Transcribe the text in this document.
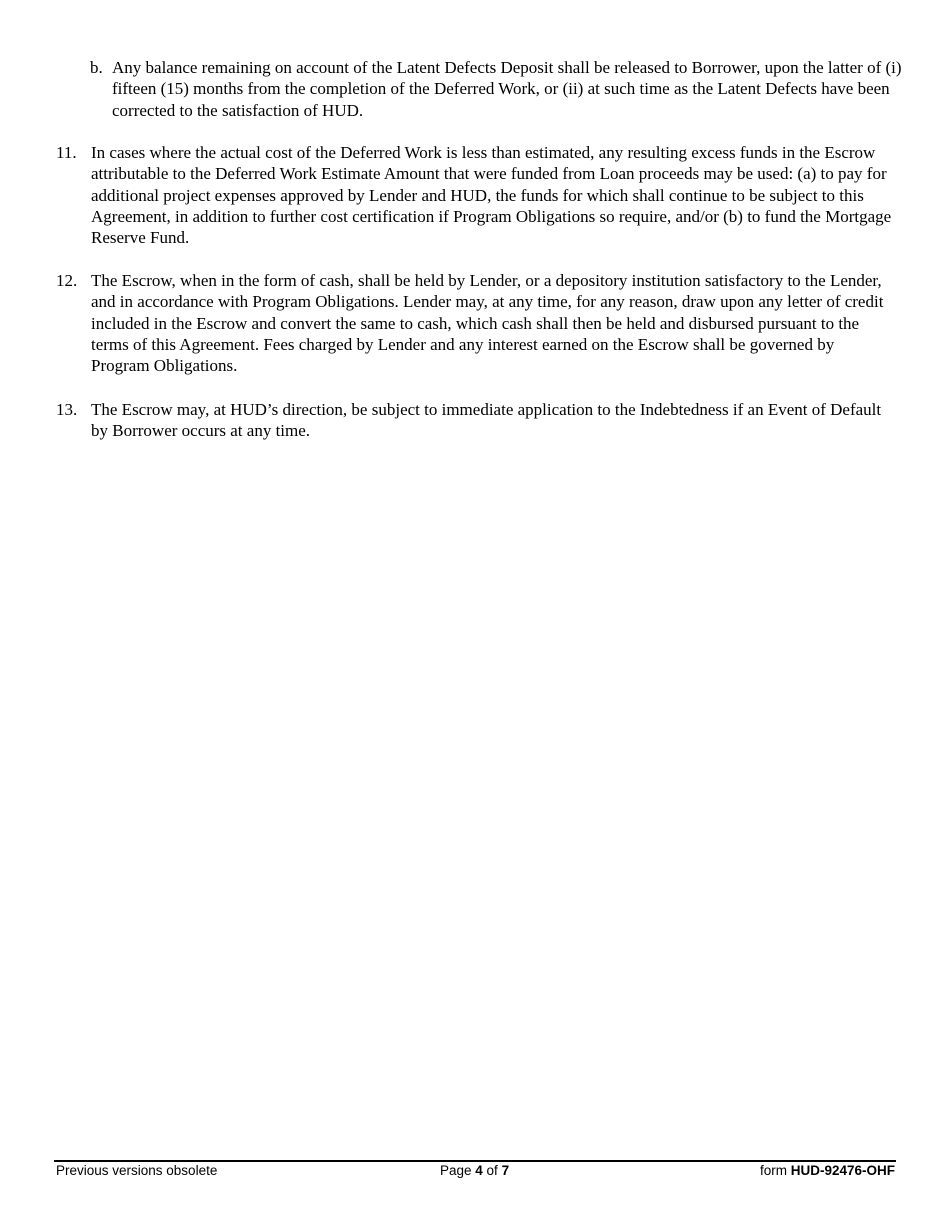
b. Any balance remaining on account of the Latent Defects Deposit shall be released to Borrower, upon the latter of (i) fifteen (15) months from the completion of the Deferred Work, or (ii) at such time as the Latent Defects have been corrected to the satisfaction of HUD.
11. In cases where the actual cost of the Deferred Work is less than estimated, any resulting excess funds in the Escrow attributable to the Deferred Work Estimate Amount that were funded from Loan proceeds may be used: (a) to pay for additional project expenses approved by Lender and HUD, the funds for which shall continue to be subject to this Agreement, in addition to further cost certification if Program Obligations so require, and/or (b) to fund the Mortgage Reserve Fund.
12. The Escrow, when in the form of cash, shall be held by Lender, or a depository institution satisfactory to the Lender, and in accordance with Program Obligations. Lender may, at any time, for any reason, draw upon any letter of credit included in the Escrow and convert the same to cash, which cash shall then be held and disbursed pursuant to the terms of this Agreement. Fees charged by Lender and any interest earned on the Escrow shall be governed by Program Obligations.
13. The Escrow may, at HUD’s direction, be subject to immediate application to the Indebtedness if an Event of Default by Borrower occurs at any time.
Previous versions obsolete	Page 4 of 7	form HUD-92476-OHF
